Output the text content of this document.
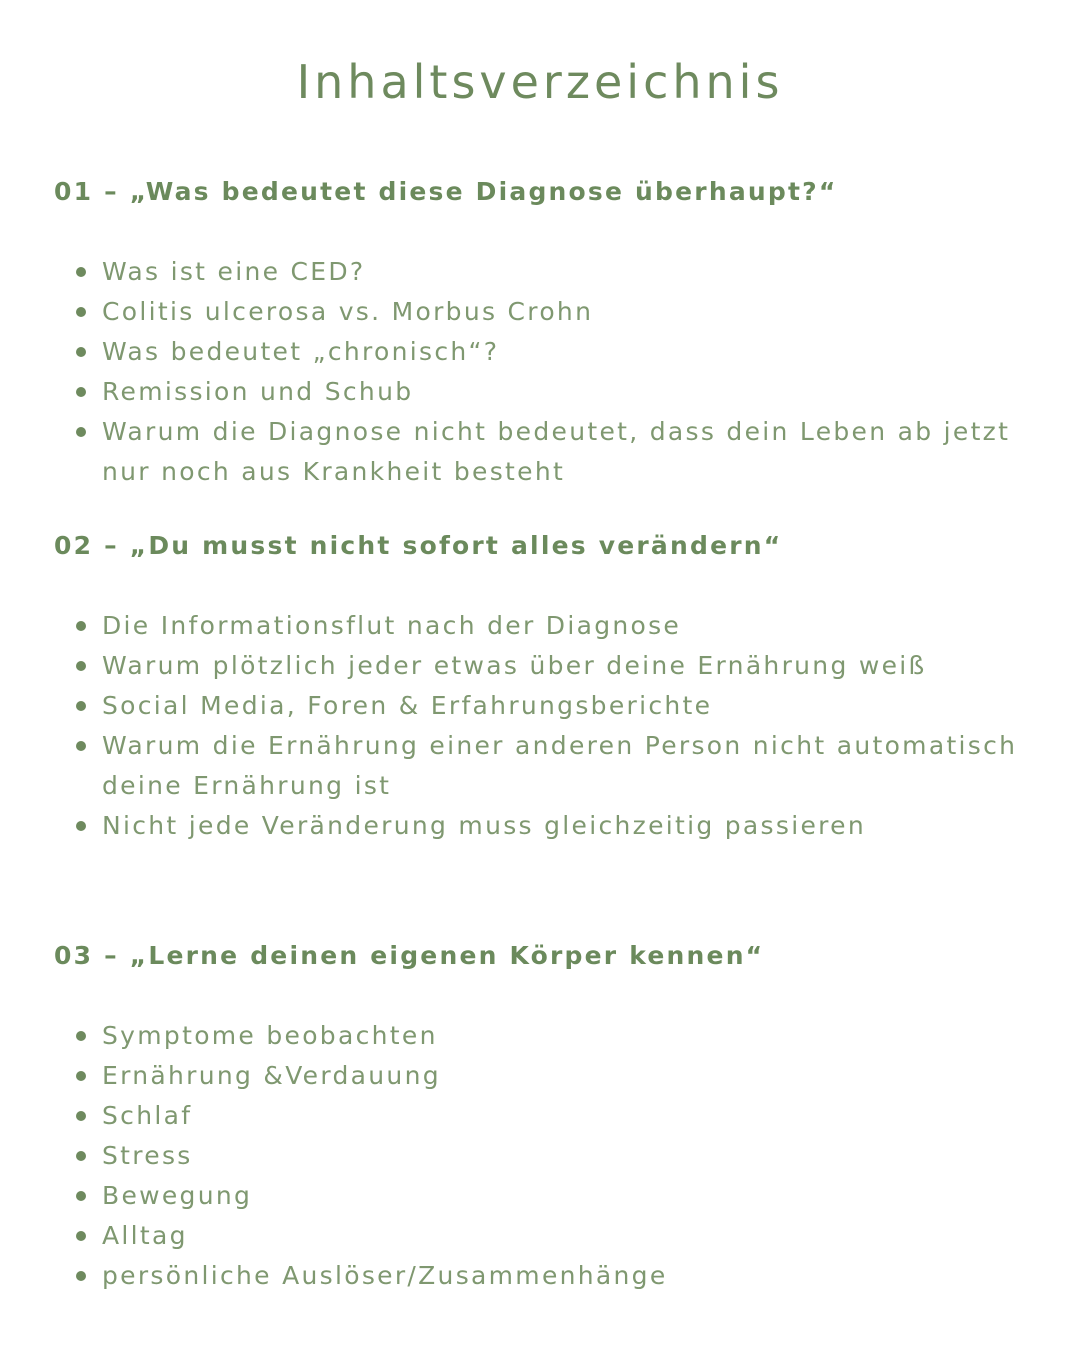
Inhaltsverzeichnis
01 – „Was bedeutet diese Diagnose überhaupt?“
Was ist eine CED?
Colitis ulcerosa vs. Morbus Crohn
Was bedeutet „chronisch“?
Remission und Schub
Warum die Diagnose nicht bedeutet, dass dein Leben ab jetzt nur noch aus Krankheit besteht
02 – „Du musst nicht sofort alles verändern“
Die Informationsflut nach der Diagnose
Warum plötzlich jeder etwas über deine Ernährung weiß
Social Media, Foren & Erfahrungsberichte
Warum die Ernährung einer anderen Person nicht automatisch deine Ernährung ist
Nicht jede Veränderung muss gleichzeitig passieren
03 – „Lerne deinen eigenen Körper kennen“
Symptome beobachten
Ernährung &Verdauung
Schlaf
Stress
Bewegung
Alltag
persönliche Auslöser/Zusammenhänge
